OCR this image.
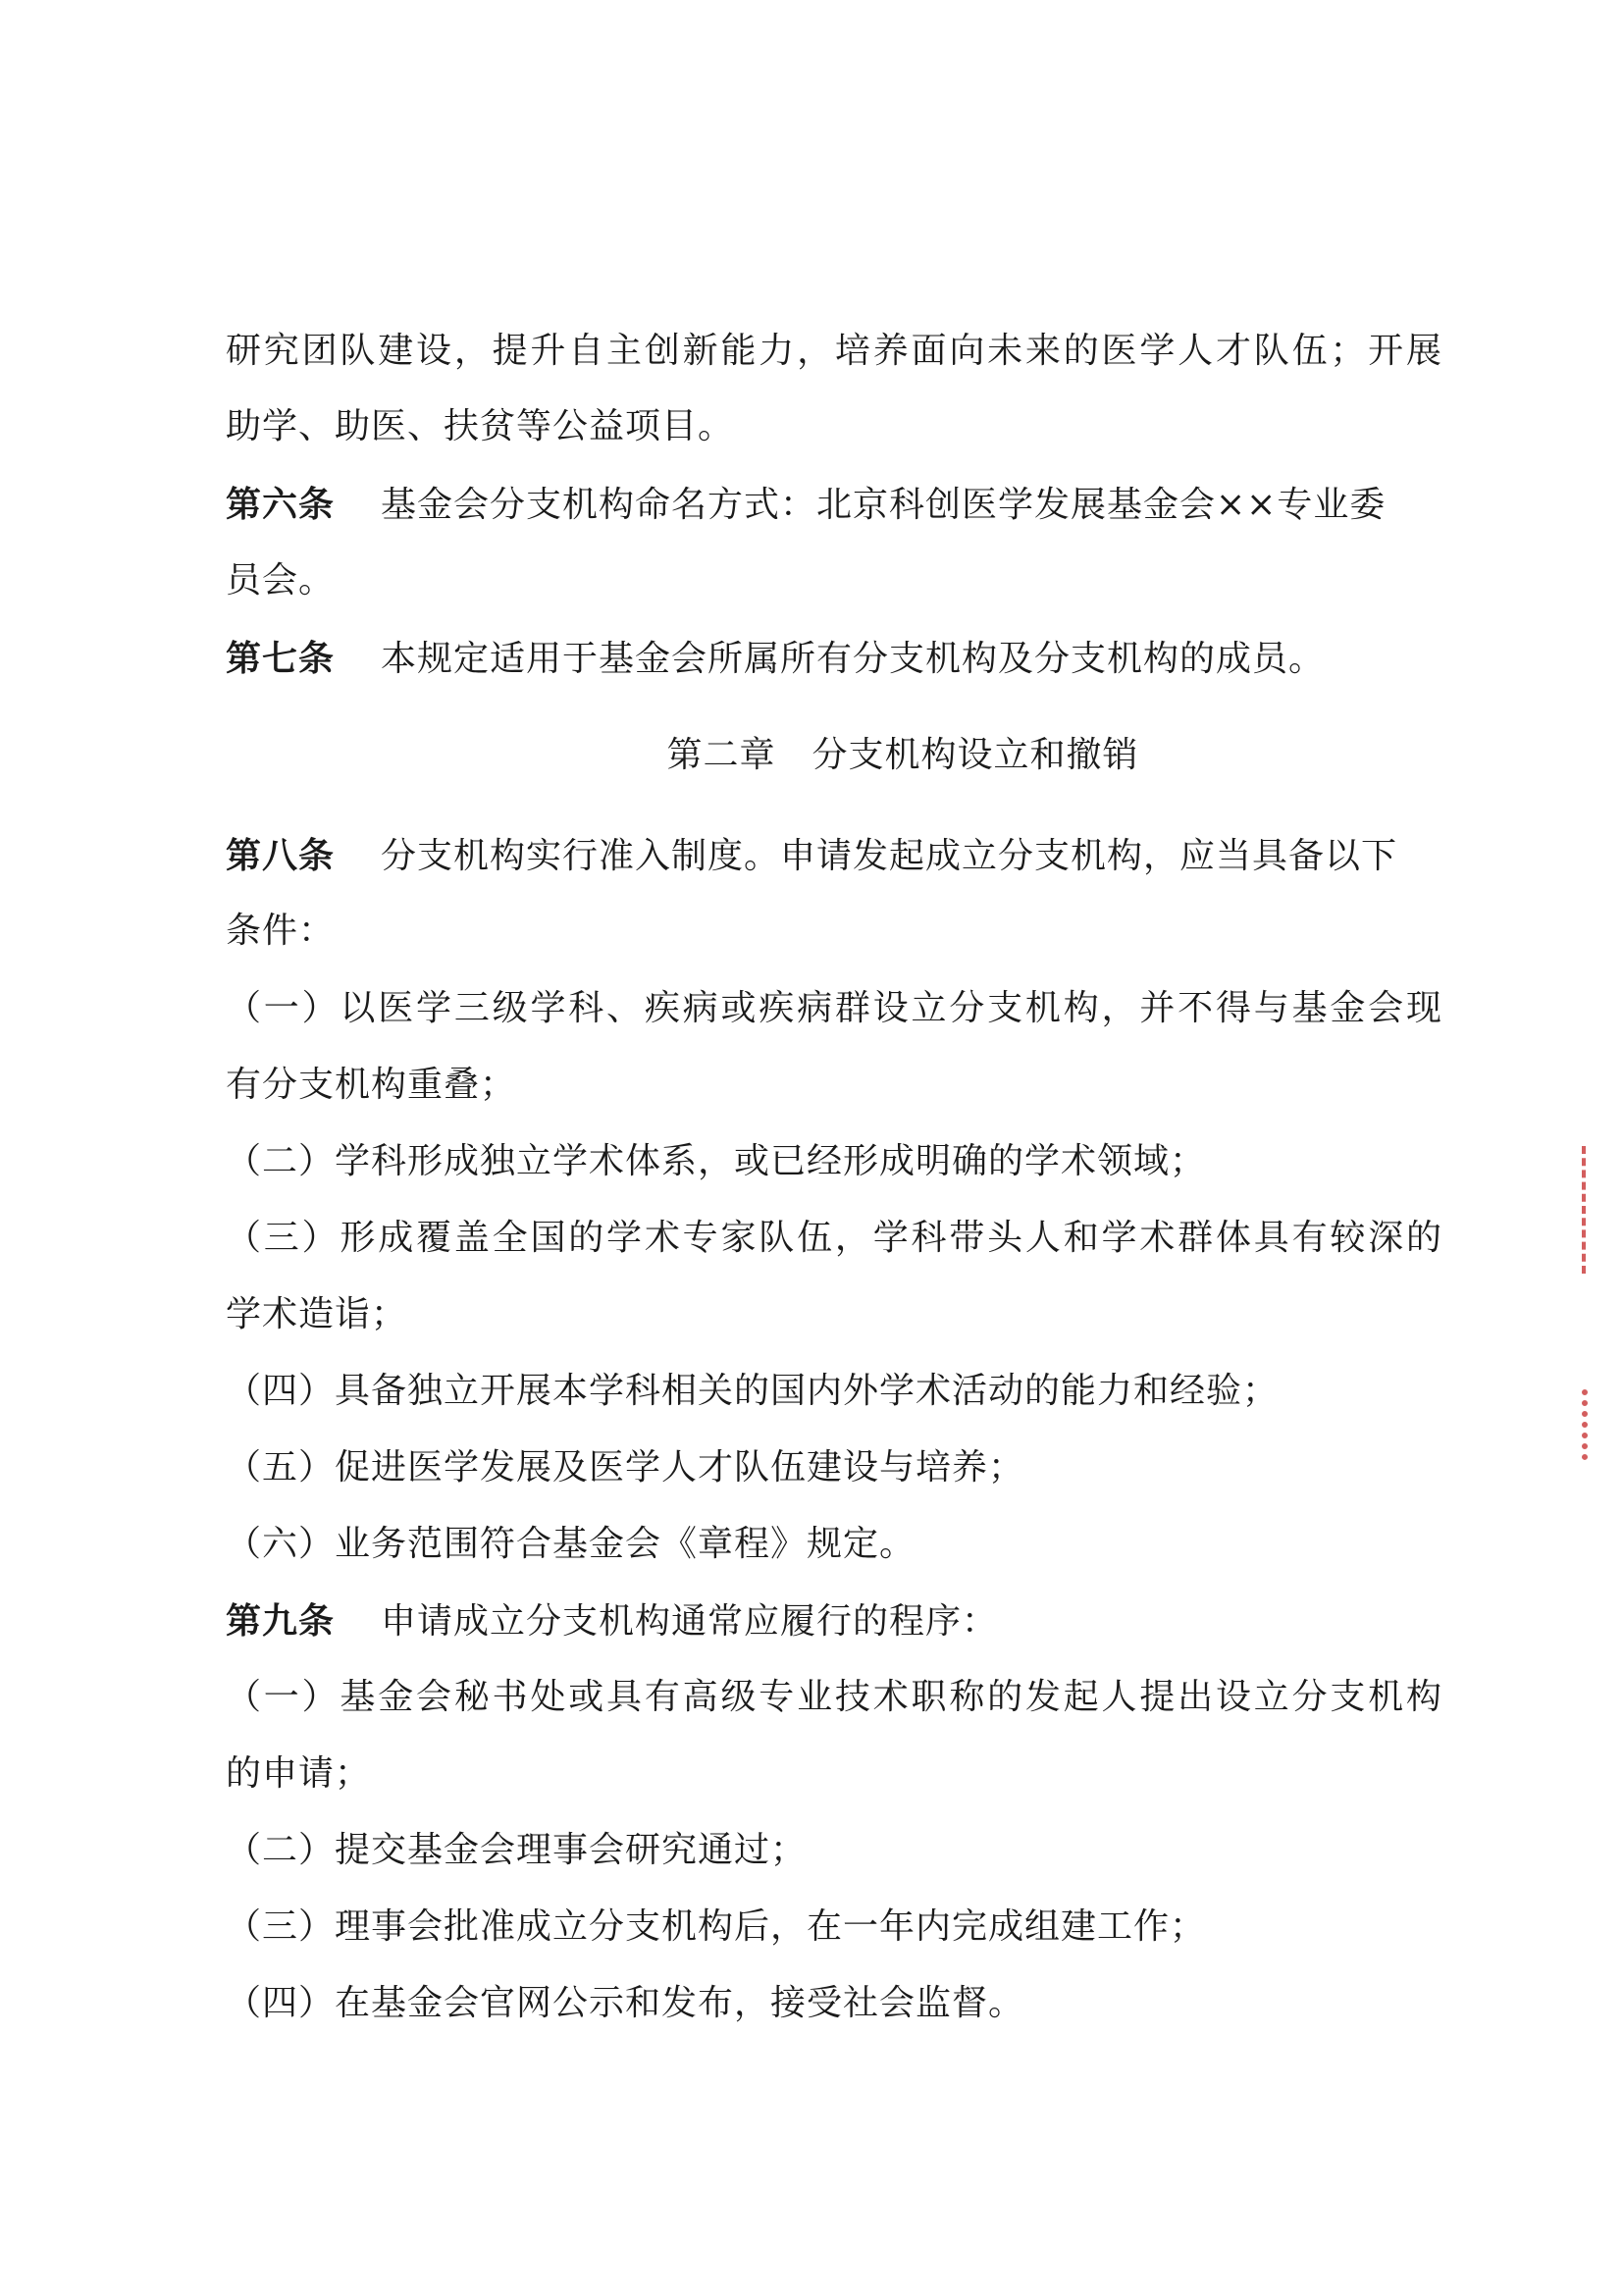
研究团队建设，提升自主创新能力，培养面向未来的医学人才队伍；开展
助学、助医、扶贫等公益项目。
第六条 基金会分支机构命名方式：北京科创医学发展基金会××专业委
员会。
第七条 本规定适用于基金会所属所有分支机构及分支机构的成员。
第二章　分支机构设立和撤销
第八条 分支机构实行准入制度。申请发起成立分支机构，应当具备以下
条件：
（一）以医学三级学科、疾病或疾病群设立分支机构，并不得与基金会现
有分支机构重叠；
（二）学科形成独立学术体系，或已经形成明确的学术领域；
（三）形成覆盖全国的学术专家队伍，学科带头人和学术群体具有较深的
学术造诣；
（四）具备独立开展本学科相关的国内外学术活动的能力和经验；
（五）促进医学发展及医学人才队伍建设与培养；
（六）业务范围符合基金会《章程》规定。
第九条 申请成立分支机构通常应履行的程序：
（一）基金会秘书处或具有高级专业技术职称的发起人提出设立分支机构
的申请；
（二）提交基金会理事会研究通过；
（三）理事会批准成立分支机构后，在一年内完成组建工作；
（四）在基金会官网公示和发布，接受社会监督。
